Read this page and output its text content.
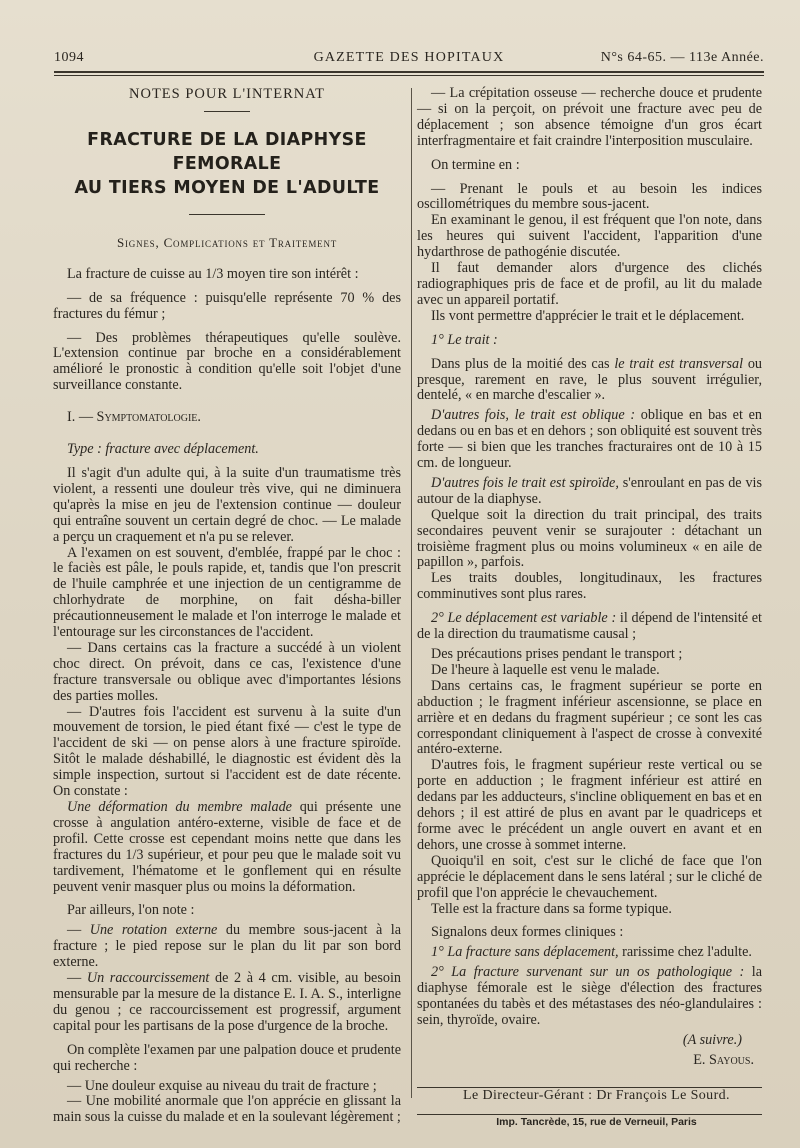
1094	GAZETTE DES HOPITAUX	N°s 64-65. — 113e Année.
NOTES POUR L'INTERNAT
FRACTURE DE LA DIAPHYSE FEMORALE
AU TIERS MOYEN DE L'ADULTE
Signes, Complications et Traitement

La fracture de cuisse au 1/3 moyen tire son intérêt :

— de sa fréquence : puisqu'elle représente 70 % des fractures du fémur ;

— Des problèmes thérapeutiques qu'elle soulève. L'extension continue par broche en a considérablement amélioré le pronostic à condition qu'elle soit l'objet d'une surveillance constante.

I. — Symptomatologie.

Type : fracture avec déplacement.

Il s'agit d'un adulte qui, à la suite d'un traumatisme très violent, a ressenti une douleur très vive, qui ne diminuera qu'après la mise en jeu de l'extension continue — douleur qui entraîne souvent un certain degré de choc. — Le malade a perçu un craquement et n'a pu se relever.

A l'examen on est souvent, d'emblée, frappé par le choc : le faciès est pâle, le pouls rapide, et, tandis que l'on prescrit de l'huile camphrée et une injection de un centigramme de chlorhydrate de morphine, on fait désha-biller précautionneusement le malade et l'on interroge le malade et l'entourage sur les circonstances de l'accident.

— Dans certains cas la fracture a succédé à un violent choc direct. On prévoit, dans ce cas, l'existence d'une fracture transversale ou oblique avec d'importantes lésions des parties molles.

— D'autres fois l'accident est survenu à la suite d'un mouvement de torsion, le pied étant fixé — c'est le type de l'accident de ski — on pense alors à une fracture spiroïde. Sitôt le malade déshabillé, le diagnostic est évident dès la simple inspection, surtout si l'accident est de date récente. On constate :

Une déformation du membre malade qui présente une crosse à angulation antéro-externe, visible de face et de profil. Cette crosse est cependant moins nette que dans les fractures du 1/3 supérieur, et pour peu que le malade soit vu tardivement, l'hématome et le gonflement qui en résulte peuvent venir masquer plus ou moins la déformation.

Par ailleurs, l'on note :

— Une rotation externe du membre sous-jacent à la fracture ; le pied repose sur le plan du lit par son bord externe.

— Un raccourcissement de 2 à 4 cm. visible, au besoin mensurable par la mesure de la distance E. I. A. S., interligne du genou ; ce raccourcissement est progressif, argument capital pour les partisans de la pose d'urgence de la broche.

On complète l'examen par une palpation douce et prudente qui recherche :

— Une douleur exquise au niveau du trait de fracture ;

— Une mobilité anormale que l'on apprécie en glissant la main sous la cuisse du malade et en la soulevant légèrement ;

— La crépitation osseuse — recherche douce et prudente — si on la perçoit, on prévoit une fracture avec peu de déplacement ; son absence témoigne d'un gros écart interfragmentaire et fait craindre l'interposition musculaire.

On termine en :

— Prenant le pouls et au besoin les indices oscillométriques du membre sous-jacent.

En examinant le genou, il est fréquent que l'on note, dans les heures qui suivent l'accident, l'apparition d'une hydarthrose de pathogénie discutée.

Il faut demander alors d'urgence des clichés radiographiques pris de face et de profil, au lit du malade avec un appareil portatif.

Ils vont permettre d'apprécier le trait et le déplacement.

1° Le trait :

Dans plus de la moitié des cas le trait est transversal ou presque, rarement en rave, le plus souvent irrégulier, dentelé, « en marche d'escalier ».

D'autres fois, le trait est oblique : oblique en bas et en dedans ou en bas et en dehors ; son obliquité est souvent très forte — si bien que les tranches fracturaires ont de 10 à 15 cm. de longueur.

D'autres fois le trait est spiroïde, s'enroulant en pas de vis autour de la diaphyse.

Quelque soit la direction du trait principal, des traits secondaires peuvent venir se surajouter : détachant un troisième fragment plus ou moins volumineux « en aile de papillon », parfois.

Les traits doubles, longitudinaux, les fractures comminutives sont plus rares.

2° Le déplacement est variable : il dépend de l'intensité et de la direction du traumatisme causal ;

Des précautions prises pendant le transport ;

De l'heure à laquelle est venu le malade.

Dans certains cas, le fragment supérieur se porte en abduction ; le fragment inférieur ascensionne, se place en arrière et en dedans du fragment supérieur ; ce sont les cas correspondant cliniquement à l'aspect de crosse à convexité antéro-externe.

D'autres fois, le fragment supérieur reste vertical ou se porte en adduction ; le fragment inférieur est attiré en dedans par les adducteurs, s'incline obliquement en bas et en dehors ; il est attiré de plus en avant par le quadriceps et forme avec le précédent un angle ouvert en avant et en dehors, une crosse à sommet interne.

Quoiqu'il en soit, c'est sur le cliché de face que l'on apprécie le déplacement dans le sens latéral ; sur le cliché de profil que l'on apprécie le chevauchement.

Telle est la fracture dans sa forme typique.

Signalons deux formes cliniques :

1° La fracture sans déplacement, rarissime chez l'adulte.

2° La fracture survenant sur un os pathologique : la diaphyse fémorale est le siège d'élection des fractures spontanées du tabès et des métastases des néo-glandulaires : sein, thyroïde, ovaire.

(A suivre.)

E. Sayous.

Le Directeur-Gérant : Dr François Le Sourd.

Imp. Tancrède, 15, rue de Verneuil, Paris
